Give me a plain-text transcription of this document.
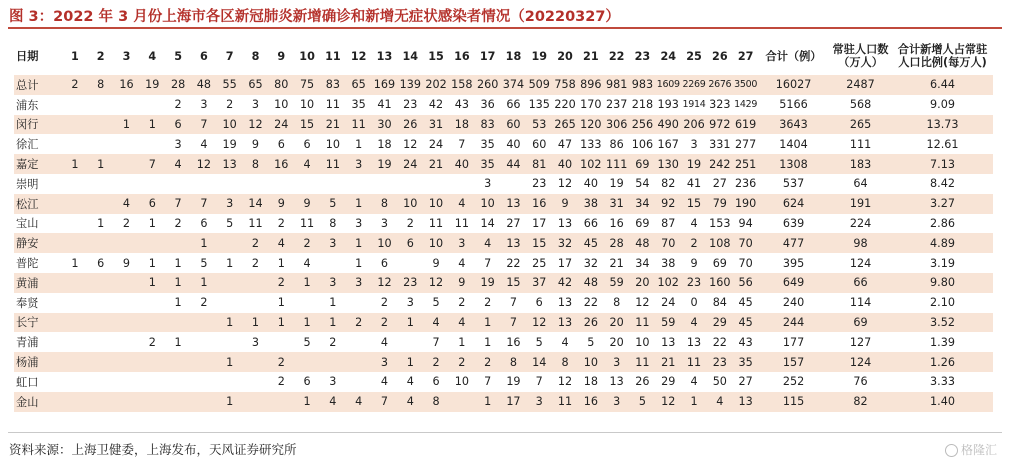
图 3：2022 年 3 月份上海市各区新冠肺炎新增确诊和新增无症状感染者情况（20220327）
日期	1	2	3	4	5	6	7	8	9	10	11	12	13	14	15	16	17	18	19	20	21	22	23	24	25	26	27	合计（例）	常驻人口数（万人）	合计新增人占常驻人口比例(每万人)
总计	2	8	16	19	28	48	55	65	80	75	83	65	169	139	202	158	260	374	509	758	896	981	983	1609	2269	2676	3500	16027	2487	6.44
浦东					2	3	2	3	10	10	11	35	41	23	42	43	36	66	135	220	170	237	218	193	1914	323	1429	5166	568	9.09
闵行			1	1	6	7	10	12	24	15	21	11	30	26	31	18	83	60	53	265	120	306	256	490	206	972	619	3643	265	13.73
徐汇					3	4	19	9	6	6	10	1	18	12	24	7	35	40	60	47	133	86	106	167	3	331	277	1404	111	12.61
嘉定	1	1		7	4	12	13	8	16	4	11	3	19	24	21	40	35	44	81	40	102	111	69	130	19	242	251	1308	183	7.13
崇明																	3		23	12	40	19	54	82	41	27	236	537	64	8.42
松江			4	6	7	7	3	14	9	9	5	1	8	10	10	4	10	13	16	9	38	31	34	92	15	79	190	624	191	3.27
宝山		1	2	1	2	6	5	11	2	11	8	3	3	2	11	11	14	27	17	13	66	16	69	87	4	153	94	639	224	2.86
静安						1		2	4	2	3	1	10	6	10	3	4	13	15	32	45	28	48	70	2	108	70	477	98	4.89
普陀	1	6	9	1	1	5	1	2	1	4		1	6		9	4	7	22	25	17	32	21	34	38	9	69	70	395	124	3.19
黄浦				1	1	1			2	1	3	3	12	23	12	9	19	15	37	42	48	59	20	102	23	160	56	649	66	9.80
奉贤					1	2			1		1		2	3	5	2	2	7	6	13	22	8	12	24	0	84	45	240	114	2.10
长宁							1	1	1	1	1	2	2	1	4	4	1	7	12	13	26	20	11	59	4	29	45	244	69	3.52
青浦				2	1			3		5	2		4		7	1	1	16	5	4	5	20	10	13	13	22	43	177	127	1.39
杨浦							1		2				3	1	2	2	2	8	14	8	10	3	11	21	11	23	35	157	124	1.26
虹口									2	6	3		4	4	6	10	7	19	7	12	18	13	26	29	4	50	27	252	76	3.33
金山							1			1	4	4	7	4	8		1	17	3	11	16	3	5	12	1	4	13	115	82	1.40
资料来源：上海卫健委，上海发布，天风证券研究所	格隆汇
